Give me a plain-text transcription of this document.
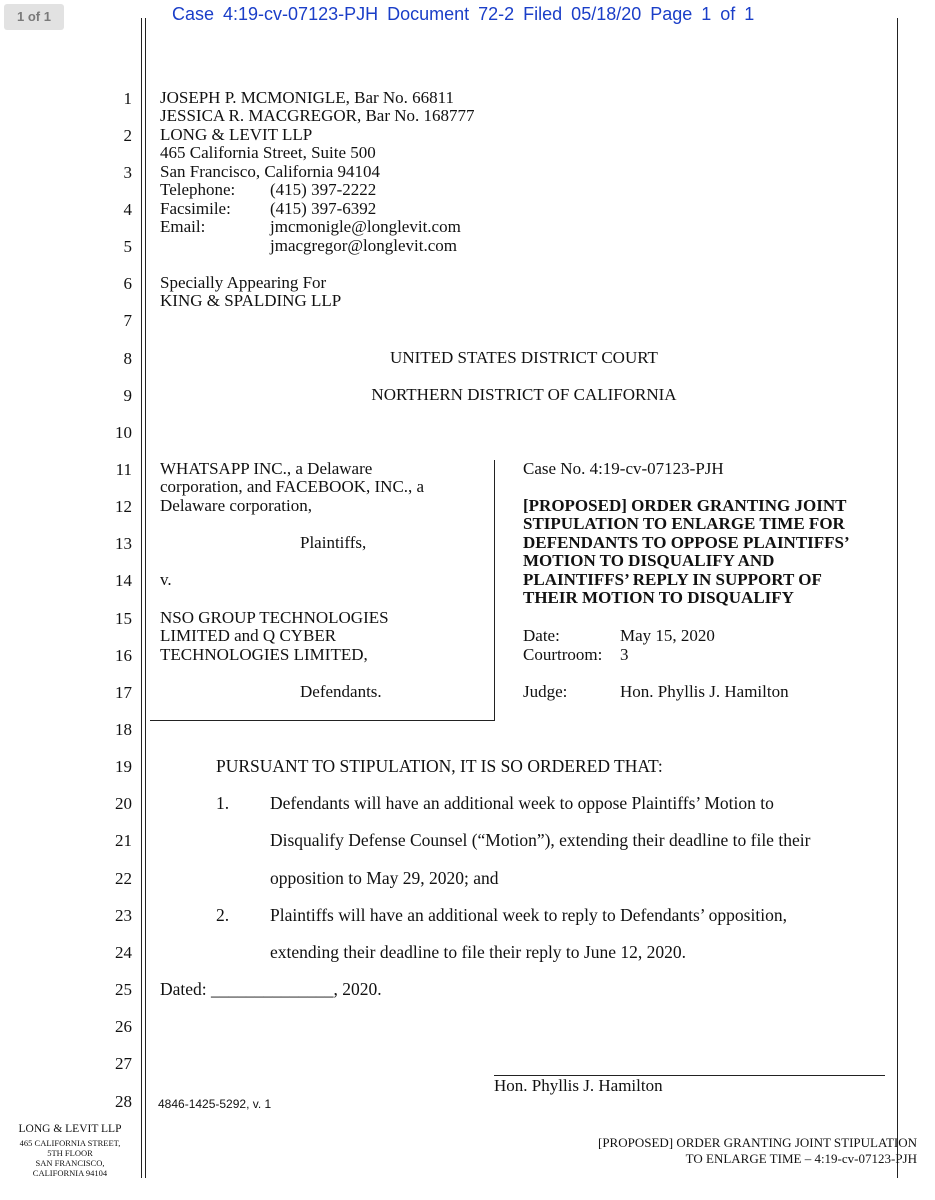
1 of 1	Case 4:19-cv-07123-PJH Document 72-2 Filed 05/18/20 Page 1 of 1
1
2
3
4
5
6
7
8
9
10
11
12
13
14
15
16
17
18
19
20
21
22
23
24
25
26
27
28
JOSEPH P. MCMONIGLE, Bar No. 66811
JESSICA R. MACGREGOR, Bar No. 168777
LONG & LEVIT LLP
465 California Street, Suite 500
San Francisco, California 94104
Telephone: (415) 397-2222
Facsimile: (415) 397-6392
Email:	jmcmonigle@longlevit.com
jmacgregor@longlevit.com
Specially Appearing For
KING & SPALDING LLP
UNITED STATES DISTRICT COURT
NORTHERN DISTRICT OF CALIFORNIA
WHATSAPP INC., a Delaware
corporation, and FACEBOOK, INC., a
Delaware corporation,
Plaintiffs,
v.
NSO GROUP TECHNOLOGIES
LIMITED and Q CYBER
TECHNOLOGIES LIMITED,
Defendants.
Case No. 4:19-cv-07123-PJH
[PROPOSED] ORDER GRANTING JOINT
STIPULATION TO ENLARGE TIME FOR
DEFENDANTS TO OPPOSE PLAINTIFFS’
MOTION TO DISQUALIFY AND
PLAINTIFFS’ REPLY IN SUPPORT OF
THEIR MOTION TO DISQUALIFY
Date:	May 15, 2020
Courtroom: 3
Judge:	Hon. Phyllis J. Hamilton
PURSUANT TO STIPULATION, IT IS SO ORDERED THAT:
1. Defendants will have an additional week to oppose Plaintiffs’ Motion to
Disqualify Defense Counsel (“Motion”), extending their deadline to file their
opposition to May 29, 2020; and
2. Plaintiffs will have an additional week to reply to Defendants’ opposition,
extending their deadline to file their reply to June 12, 2020.
Dated: ______________, 2020.
Hon. Phyllis J. Hamilton
4846-1425-5292, v. 1
LONG & LEVIT LLP
465 CALIFORNIA STREET,
5TH FLOOR
SAN FRANCISCO,
CALIFORNIA 94104
[PROPOSED] ORDER GRANTING JOINT STIPULATION
TO ENLARGE TIME – 4:19-cv-07123-PJH
